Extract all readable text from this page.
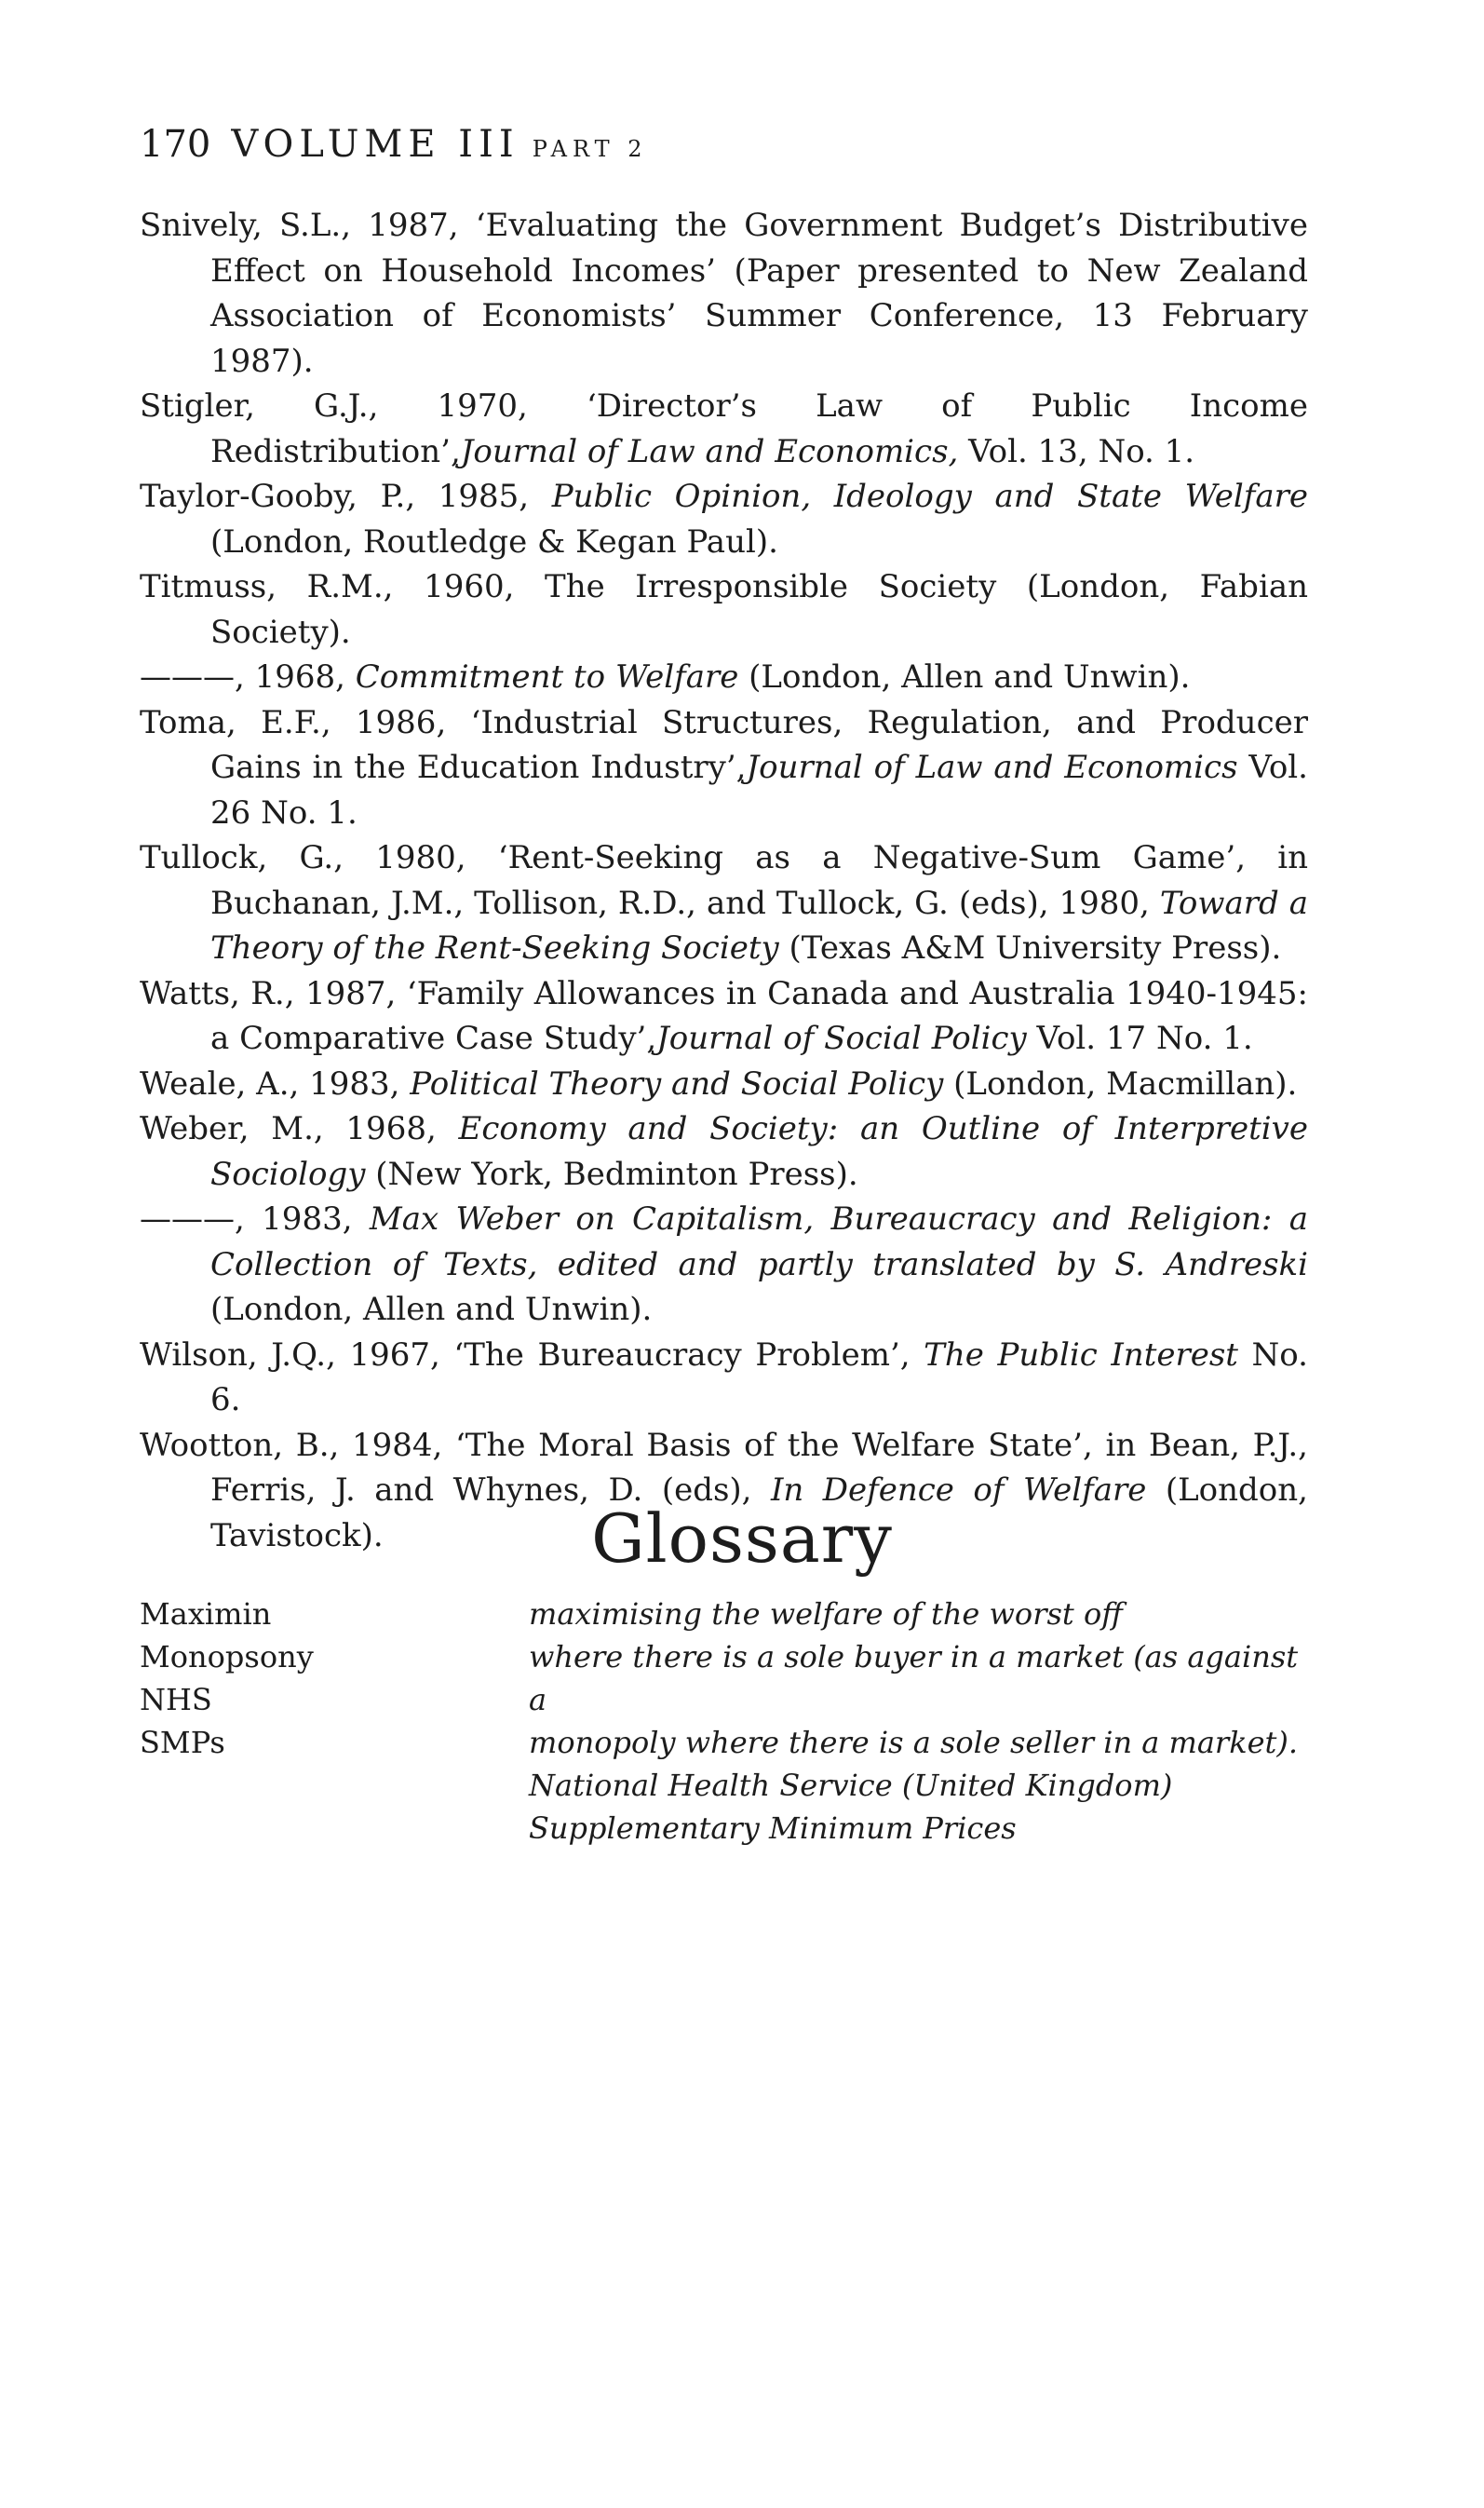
170 VOLUME III PART 2
Snively, S.L., 1987, ‘Evaluating the Government Budget’s Distributive Effect on Household Incomes’ (Paper presented to New Zealand Association of Economists’ Summer Conference, 13 February 1987).
Stigler, G.J., 1970, ‘Director’s Law of Public Income Redistribution’,Journal of Law and Economics, Vol. 13, No. 1.
Taylor-Gooby, P., 1985, Public Opinion, Ideology and State Welfare (London, Routledge & Kegan Paul).
Titmuss, R.M., 1960, The Irresponsible Society (London, Fabian Society).
———, 1968, Commitment to Welfare (London, Allen and Unwin).
Toma, E.F., 1986, ‘Industrial Structures, Regulation, and Producer Gains in the Education Industry’,Journal of Law and Economics Vol. 26 No. 1.
Tullock, G., 1980, ‘Rent-Seeking as a Negative-Sum Game’, in Buchanan, J.M., Tollison, R.D., and Tullock, G. (eds), 1980, Toward a Theory of the Rent-Seeking Society (Texas A&M University Press).
Watts, R., 1987, ‘Family Allowances in Canada and Australia 1940-1945: a Comparative Case Study’,Journal of Social Policy Vol. 17 No. 1.
Weale, A., 1983, Political Theory and Social Policy (London, Macmillan).
Weber, M., 1968, Economy and Society: an Outline of Interpretive Sociology (New York, Bedminton Press).
———, 1983, Max Weber on Capitalism, Bureaucracy and Religion: a Collection of Texts, edited and partly translated by S. Andreski (London, Allen and Unwin).
Wilson, J.Q., 1967, ‘The Bureaucracy Problem’, The Public Interest No. 6.
Wootton, B., 1984, ‘The Moral Basis of the Welfare State’, in Bean, P.J., Ferris, J. and Whynes, D. (eds), In Defence of Welfare (London, Tavistock).	Glossary
Maximin
Monopsony
NHS
SMPs
maximising the welfare of the worst off
where there is a sole buyer in a market (as against a
monopoly where there is a sole seller in a market).
National Health Service (United Kingdom)
Supplementary Minimum Prices
